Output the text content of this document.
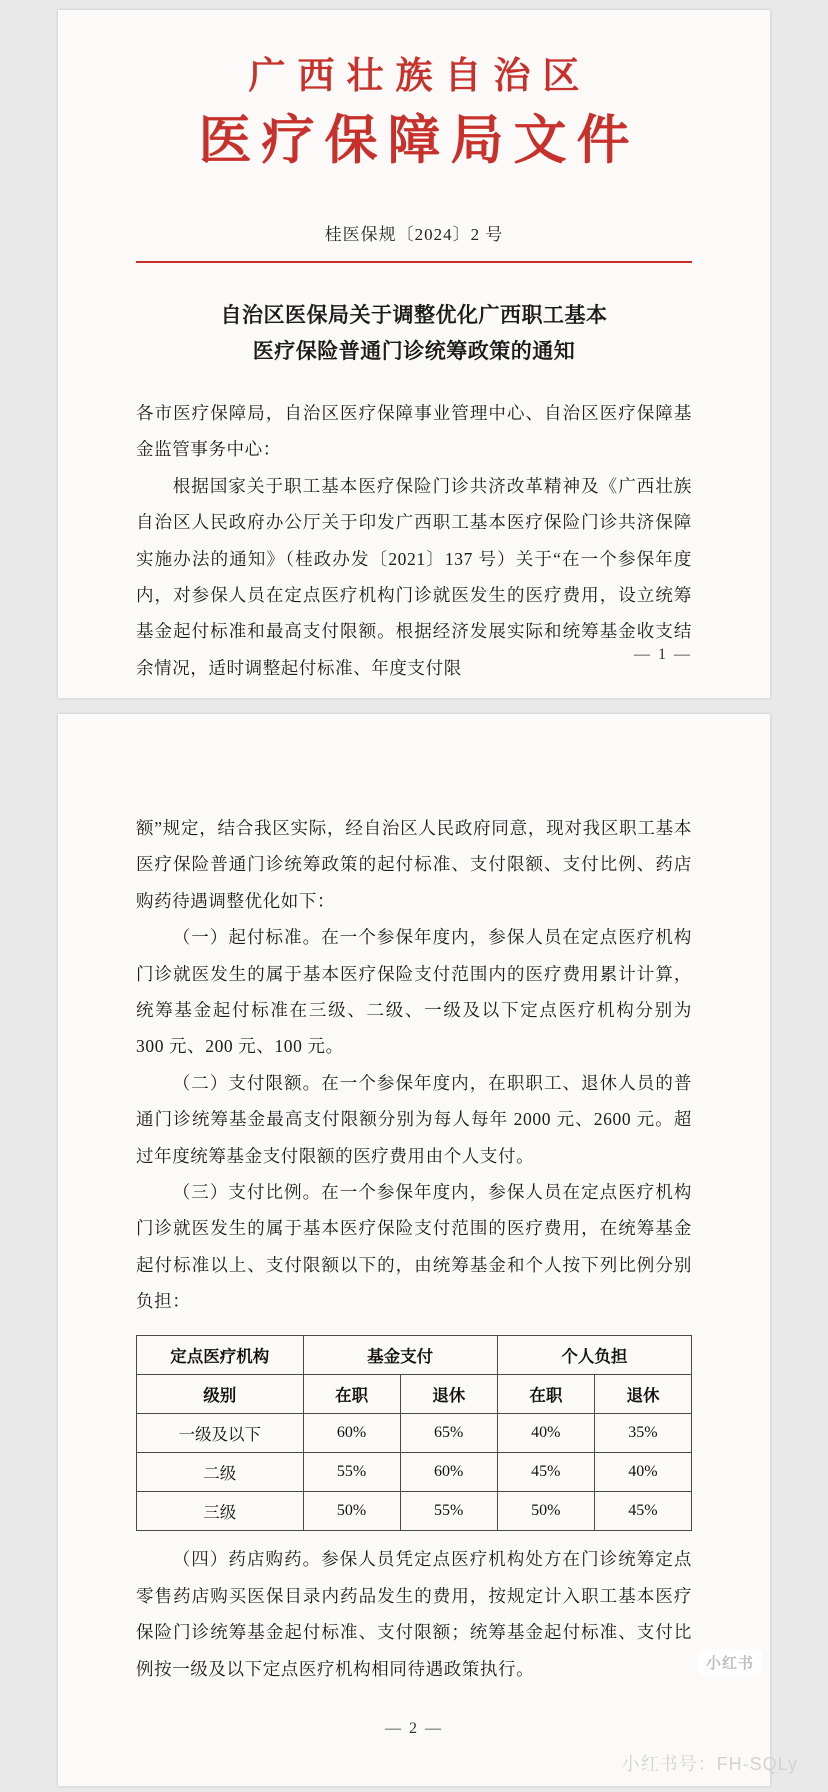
广西壮族自治区
医疗保障局文件
桂医保规〔2024〕2 号
自治区医保局关于调整优化广西职工基本
医疗保险普通门诊统筹政策的通知

各市医疗保障局，自治区医疗保障事业管理中心、自治区医疗保障基金监管事务中心：

根据国家关于职工基本医疗保险门诊共济改革精神及《广西壮族自治区人民政府办公厅关于印发广西职工基本医疗保险门诊共济保障实施办法的通知》（桂政办发〔2021〕137 号）关于“在一个参保年度内，对参保人员在定点医疗机构门诊就医发生的医疗费用，设立统筹基金起付标准和最高支付限额。根据经济发展实际和统筹基金收支结余情况，适时调整起付标准、年度支付限

— 1 —

额”规定，结合我区实际，经自治区人民政府同意，现对我区职工基本医疗保险普通门诊统筹政策的起付标准、支付限额、支付比例、药店购药待遇调整优化如下：

（一）起付标准。在一个参保年度内，参保人员在定点医疗机构门诊就医发生的属于基本医疗保险支付范围内的医疗费用累计计算，统筹基金起付标准在三级、二级、一级及以下定点医疗机构分别为 300 元、200 元、100 元。

（二）支付限额。在一个参保年度内，在职职工、退休人员的普通门诊统筹基金最高支付限额分别为每人每年 2000 元、2600 元。超过年度统筹基金支付限额的医疗费用由个人支付。

（三）支付比例。在一个参保年度内，参保人员在定点医疗机构门诊就医发生的属于基本医疗保险支付范围的医疗费用，在统筹基金起付标准以上、支付限额以下的，由统筹基金和个人按下列比例分别负担：

定点医疗机构	基金支付		个人负担	
级别	在职	退休	在职	退休
一级及以下	60%	65%	40%	35%
二级	55%	60%	45%	40%
三级	50%	55%	50%	45%

（四）药店购药。参保人员凭定点医疗机构处方在门诊统筹定点零售药店购买医保目录内药品发生的费用，按规定计入职工基本医疗保险门诊统筹基金起付标准、支付限额；统筹基金起付标准、支付比例按一级及以下定点医疗机构相同待遇政策执行。

— 2 —
小红书
小红书号：FH-SQLy
